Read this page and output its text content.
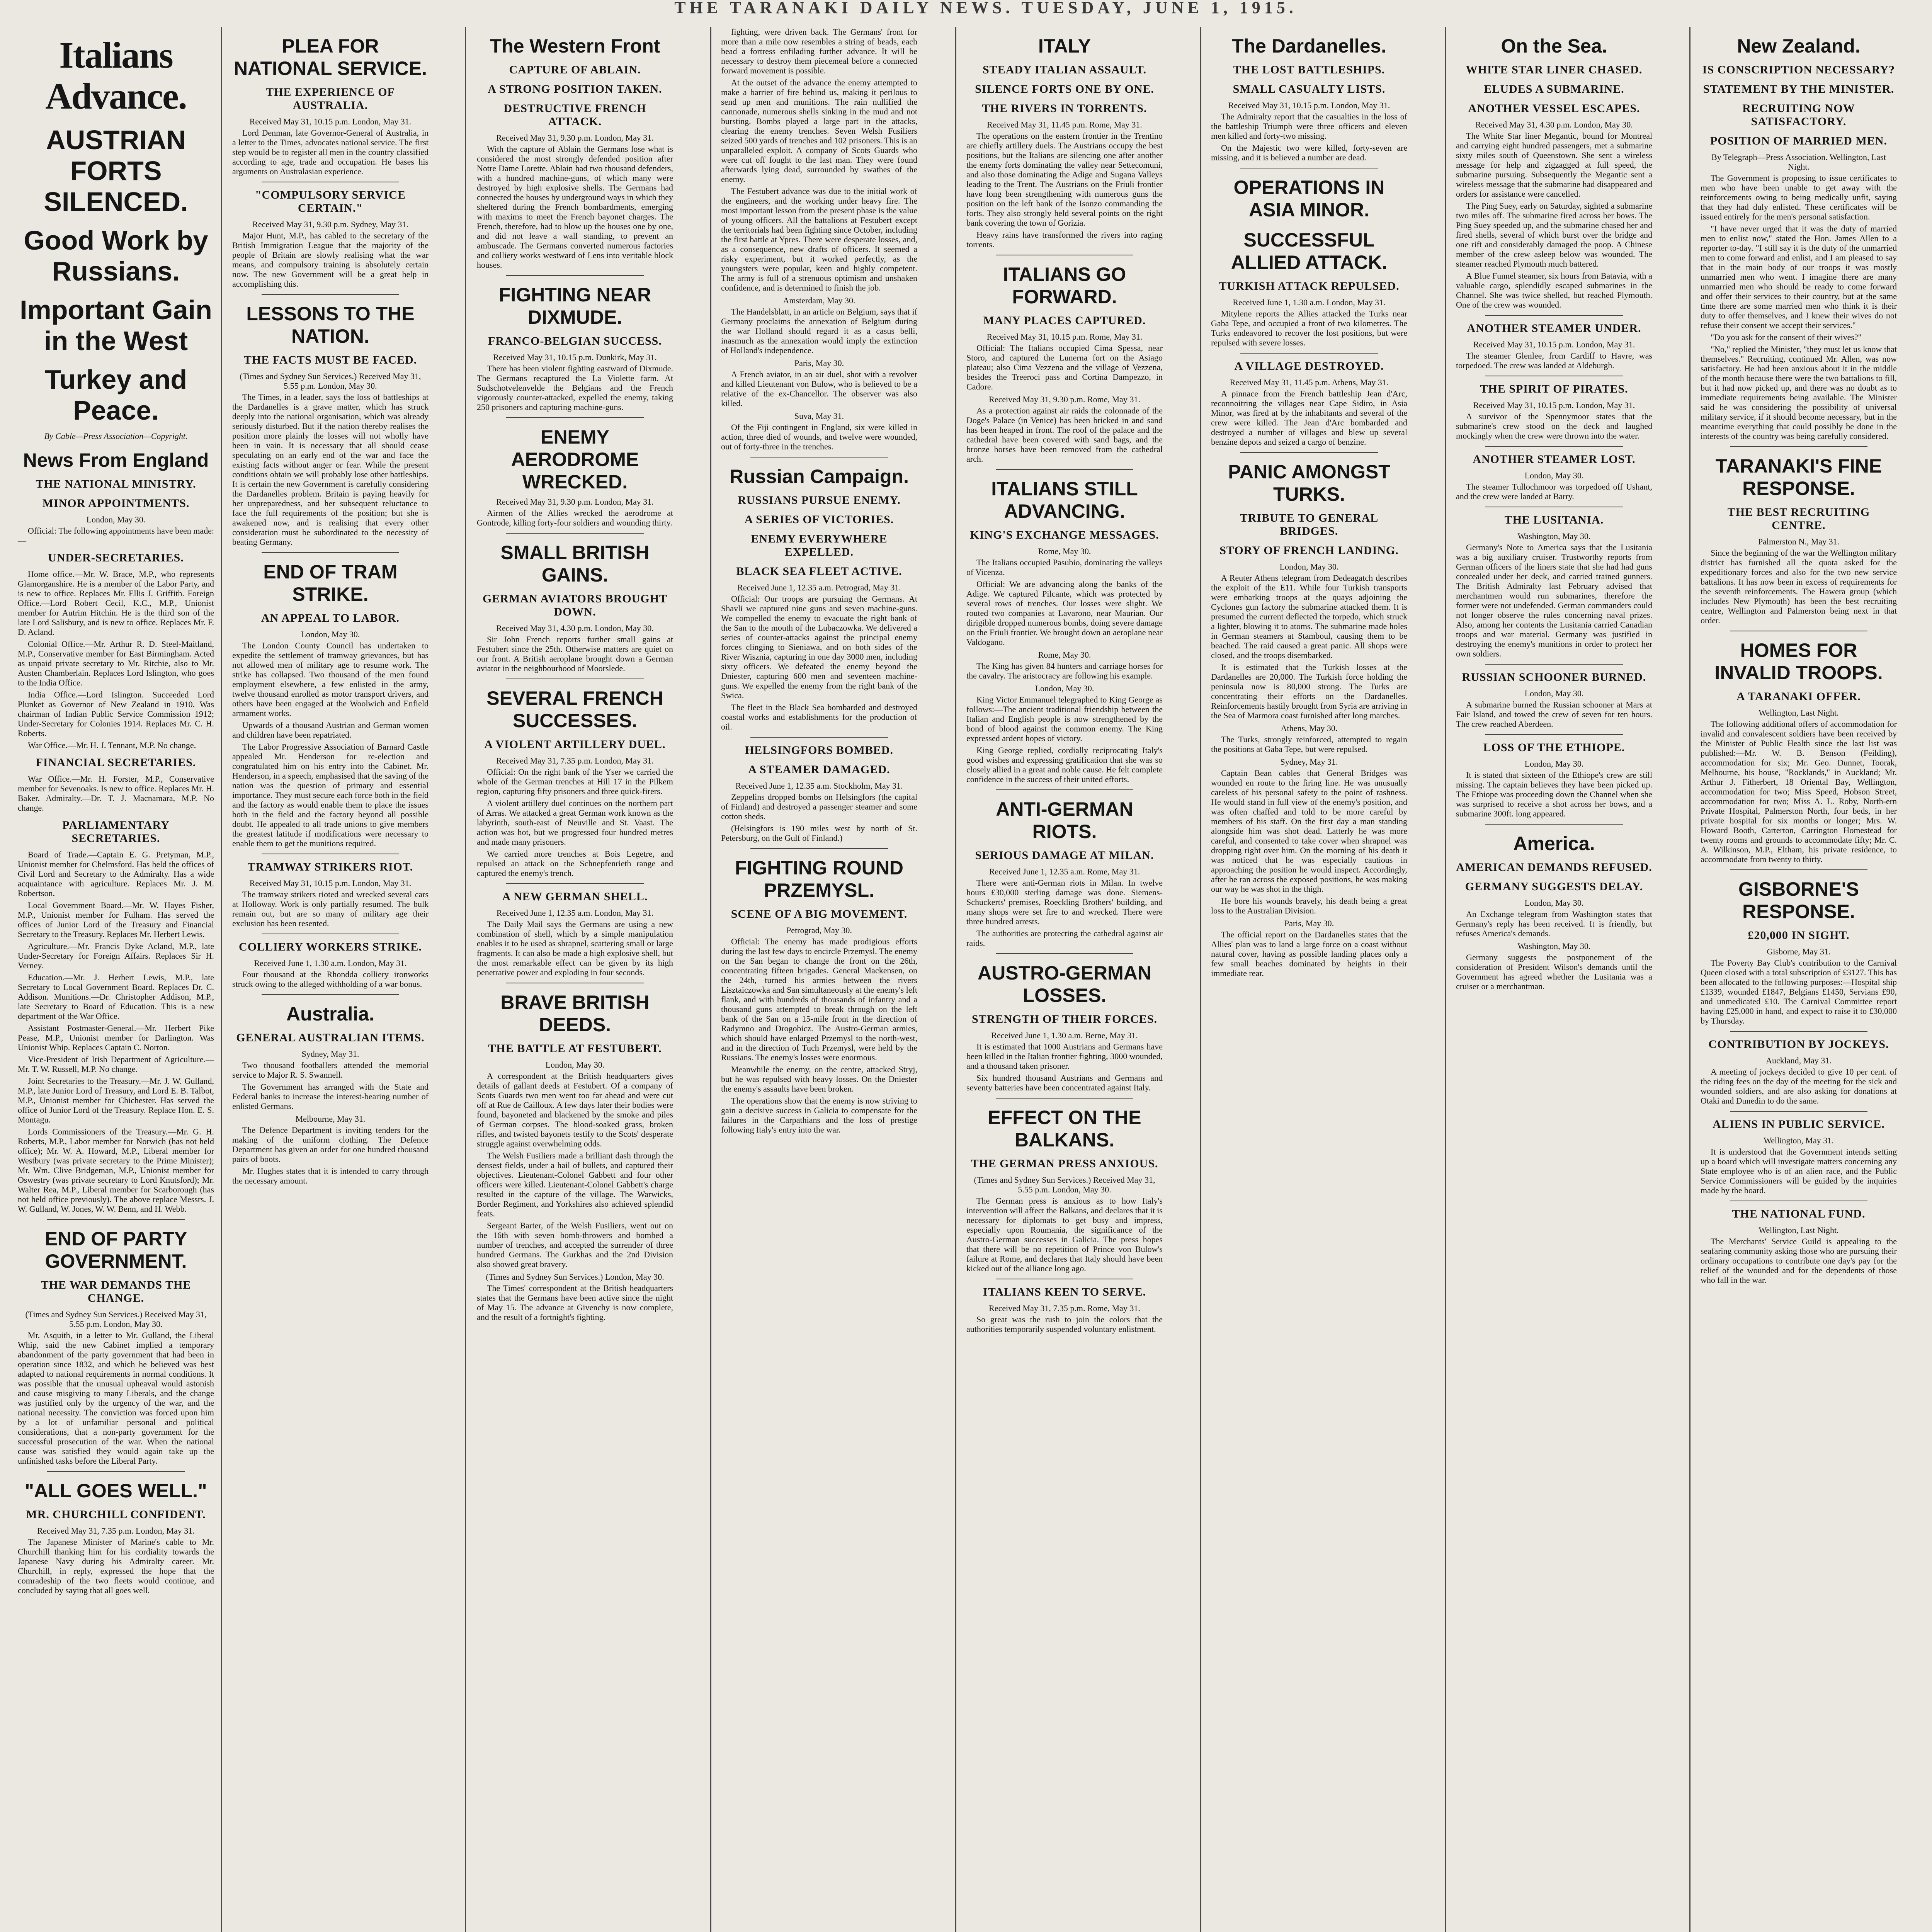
THE TARANAKI DAILY NEWS. TUESDAY, JUNE 1, 1915.
Italians Advance.
AUSTRIAN FORTS SILENCED.
Good Work by Russians.
Important Gain in the West
Turkey and Peace.
By Cable—Press Association—Copyright.
News From England
THE NATIONAL MINISTRY.
MINOR APPOINTMENTS.
London, May 30.

Official: The following appointments have been made:—

UNDER-SECRETARIES.

Home office.—Mr. W. Brace, M.P., who represents Glamorganshire. He is a member of the Labor Party, and is new to office. Replaces Mr. Ellis J. Griffith. Foreign Office.—Lord Robert Cecil, K.C., M.P., Unionist member for Autrim Hitchin. He is the third son of the late Lord Salisbury, and is new to office. Replaces Mr. F. D. Acland.

Colonial Office.—Mr. Arthur R. D. Steel-Maitland, M.P., Conservative member for East Birmingham. Acted as unpaid private secretary to Mr. Ritchie, also to Mr. Austen Chamberlain. Replaces Lord Islington, who goes to the India Office.

India Office.—Lord Islington. Succeeded Lord Plunket as Governor of New Zealand in 1910. Was chairman of Indian Public Service Commission 1912; Under-Secretary for Colonies 1914. Replaces Mr. C. H. Roberts.

War Office.—Mr. H. J. Tennant, M.P. No change.

FINANCIAL SECRETARIES.

War Office.—Mr. H. Forster, M.P., Conservative member for Sevenoaks. Is new to office. Replaces Mr. H. Baker. Admiralty.—Dr. T. J. Macnamara, M.P. No change.

PARLIAMENTARY SECRETARIES.

Board of Trade.—Captain E. G. Pretyman, M.P., Unionist member for Chelmsford. Has held the offices of Civil Lord and Secretary to the Admiralty. Has a wide acquaintance with agriculture. Replaces Mr. J. M. Robertson.

Local Government Board.—Mr. W. Hayes Fisher, M.P., Unionist member for Fulham. Has served the offices of Junior Lord of the Treasury and Financial Secretary to the Treasury. Replaces Mr. Herbert Lewis.

Agriculture.—Mr. Francis Dyke Acland, M.P., late Under-Secretary for Foreign Affairs. Replaces Sir H. Verney.

Education.—Mr. J. Herbert Lewis, M.P., late Secretary to Local Government Board. Replaces Dr. C. Addison. Munitions.—Dr. Christopher Addison, M.P., late Secretary to Board of Education. This is a new department of the War Office.

Assistant Postmaster-General.—Mr. Herbert Pike Pease, M.P., Unionist member for Darlington. Was Unionist Whip. Replaces Captain C. Norton.

Vice-President of Irish Department of Agriculture.—Mr. T. W. Russell, M.P. No change.

Joint Secretaries to the Treasury.—Mr. J. W. Gulland, M.P., late Junior Lord of Treasury, and Lord E. B. Talbot, M.P., Unionist member for Chichester. Has served the office of Junior Lord of the Treasury. Replace Hon. E. S. Montagu.

Lords Commissioners of the Treasury.—Mr. G. H. Roberts, M.P., Labor member for Norwich (has not held office); Mr. W. A. Howard, M.P., Liberal member for Westbury (was private secretary to the Prime Minister); Mr. Wm. Clive Bridgeman, M.P., Unionist member for Oswestry (was private secretary to Lord Knutsford); Mr. Walter Rea, M.P., Liberal member for Scarborough (has not held office previously). The above replace Messrs. J. W. Gulland, W. Jones, W. W. Benn, and H. Webb.

END OF PARTY GOVERNMENT.
THE WAR DEMANDS THE CHANGE.
(Times and Sydney Sun Services.) Received May 31, 5.55 p.m. London, May 30.

Mr. Asquith, in a letter to Mr. Gulland, the Liberal Whip, said the new Cabinet implied a temporary abandonment of the party government that had been in operation since 1832, and which he believed was best adapted to national requirements in normal conditions. It was possible that the unusual upheaval would astonish and cause misgiving to many Liberals, and the change was justified only by the urgency of the war, and the national necessity. The conviction was forced upon him by a lot of unfamiliar personal and political considerations, that a non-party government for the successful prosecution of the war. When the national cause was satisfied they would again take up the unfinished tasks before the Liberal Party.

"ALL GOES WELL."
MR. CHURCHILL CONFIDENT.
Received May 31, 7.35 p.m. London, May 31.

The Japanese Minister of Marine's cable to Mr. Churchill thanking him for his cordiality towards the Japanese Navy during his Admiralty career. Mr. Churchill, in reply, expressed the hope that the comradeship of the two fleets would continue, and concluded by saying that all goes well.

PLEA FOR NATIONAL SERVICE.
THE EXPERIENCE OF AUSTRALIA.
Received May 31, 10.15 p.m. London, May 31.

Lord Denman, late Governor-General of Australia, in a letter to the Times, advocates national service. The first step would be to register all men in the country classified according to age, trade and occupation. He bases his arguments on Australasian experience.

"COMPULSORY SERVICE CERTAIN."
Received May 31, 9.30 p.m. Sydney, May 31.

Major Hunt, M.P., has cabled to the secretary of the British Immigration League that the majority of the people of Britain are slowly realising what the war means, and compulsory training is absolutely certain now. The new Government will be a great help in accomplishing this.

LESSONS TO THE NATION.
THE FACTS MUST BE FACED.
(Times and Sydney Sun Services.) Received May 31, 5.55 p.m. London, May 30.

The Times, in a leader, says the loss of battleships at the Dardanelles is a grave matter, which has struck deeply into the national organisation, which was already seriously disturbed. But if the nation thereby realises the position more plainly the losses will not wholly have been in vain. It is necessary that all should cease speculating on an early end of the war and face the existing facts without anger or fear. While the present conditions obtain we will probably lose other battleships. It is certain the new Government is carefully considering the Dardanelles problem. Britain is paying heavily for her unpreparedness, and her subsequent reluctance to face the full requirements of the position; but she is awakened now, and is realising that every other consideration must be subordinated to the necessity of beating Germany.

END OF TRAM STRIKE.
AN APPEAL TO LABOR.
London, May 30.

The London County Council has undertaken to expedite the settlement of tramway grievances, but has not allowed men of military age to resume work. The strike has collapsed. Two thousand of the men found employment elsewhere, a few enlisted in the army, twelve thousand enrolled as motor transport drivers, and others have been engaged at the Woolwich and Enfield armament works.

Upwards of a thousand Austrian and German women and children have been repatriated.

The Labor Progressive Association of Barnard Castle appealed Mr. Henderson for re-election and congratulated him on his entry into the Cabinet. Mr. Henderson, in a speech, emphasised that the saving of the nation was the question of primary and essential importance. They must secure each force both in the field and the factory as would enable them to place the issues both in the field and the factory beyond all possible doubt. He appealed to all trade unions to give members the greatest latitude if modifications were necessary to enable them to get the munitions required.

TRAMWAY STRIKERS RIOT.
Received May 31, 10.15 p.m. London, May 31.

The tramway strikers rioted and wrecked several cars at Holloway. Work is only partially resumed. The bulk remain out, but are so many of military age their exclusion has been resented.

COLLIERY WORKERS STRIKE.
Received June 1, 1.30 a.m. London, May 31.

Four thousand at the Rhondda colliery ironworks struck owing to the alleged withholding of a war bonus.

Australia.
GENERAL AUSTRALIAN ITEMS.
Sydney, May 31.

Two thousand footballers attended the memorial service to Major R. S. Swannell.

The Government has arranged with the State and Federal banks to increase the interest-bearing number of enlisted Germans.

Melbourne, May 31.

The Defence Department is inviting tenders for the making of the uniform clothing. The Defence Department has given an order for one hundred thousand pairs of boots.

Mr. Hughes states that it is intended to carry through the necessary amount.

The Western Front
CAPTURE OF ABLAIN.
A STRONG POSITION TAKEN.
DESTRUCTIVE FRENCH ATTACK.
Received May 31, 9.30 p.m. London, May 31.

With the capture of Ablain the Germans lose what is considered the most strongly defended position after Notre Dame Lorette. Ablain had two thousand defenders, with a hundred machine-guns, of which many were destroyed by high explosive shells. The Germans had connected the houses by underground ways in which they sheltered during the French bombardments, emerging with maxims to meet the French bayonet charges. The French, therefore, had to blow up the houses one by one, and did not leave a wall standing, to prevent an ambuscade. The Germans converted numerous factories and colliery works westward of Lens into veritable block houses.

FIGHTING NEAR DIXMUDE.
FRANCO-BELGIAN SUCCESS.
Received May 31, 10.15 p.m. Dunkirk, May 31.

There has been violent fighting eastward of Dixmude. The Germans recaptured the La Violette farm. At Sudschotvelenvelde the Belgians and the French vigorously counter-attacked, expelled the enemy, taking 250 prisoners and capturing machine-guns.

ENEMY AERODROME WRECKED.
Received May 31, 9.30 p.m. London, May 31.

Airmen of the Allies wrecked the aerodrome at Gontrode, killing forty-four soldiers and wounding thirty.

SMALL BRITISH GAINS.
GERMAN AVIATORS BROUGHT DOWN.
Received May 31, 4.30 p.m. London, May 30.

Sir John French reports further small gains at Festubert since the 25th. Otherwise matters are quiet on our front. A British aeroplane brought down a German aviator in the neighbourhood of Moorslede.

SEVERAL FRENCH SUCCESSES.
A VIOLENT ARTILLERY DUEL.
Received May 31, 7.35 p.m. London, May 31.

Official: On the right bank of the Yser we carried the whole of the German trenches at Hill 17 in the Pilkem region, capturing fifty prisoners and three quick-firers.

A violent artillery duel continues on the northern part of Arras. We attacked a great German work known as the labyrinth, south-east of Neuville and St. Vaast. The action was hot, but we progressed four hundred metres and made many prisoners.

We carried more trenches at Bois Legetre, and repulsed an attack on the Schnepfenrieth range and captured the enemy's trench.

A NEW GERMAN SHELL.
Received June 1, 12.35 a.m. London, May 31.

The Daily Mail says the Germans are using a new combination of shell, which by a simple manipulation enables it to be used as shrapnel, scattering small or large fragments. It can also be made a high explosive shell, but the most remarkable effect can be given by its high penetrative power and exploding in four seconds.

BRAVE BRITISH DEEDS.
THE BATTLE AT FESTUBERT.
London, May 30.

A correspondent at the British headquarters gives details of gallant deeds at Festubert. Of a company of Scots Guards two men went too far ahead and were cut off at Rue de Cailloux. A few days later their bodies were found, bayoneted and blackened by the smoke and piles of German corpses. The blood-soaked grass, broken rifles, and twisted bayonets testify to the Scots' desperate struggle against overwhelming odds.

The Welsh Fusiliers made a brilliant dash through the densest fields, under a hail of bullets, and captured their objectives. Lieutenant-Colonel Gabbett and four other officers were killed. Lieutenant-Colonel Gabbett's charge resulted in the capture of the village. The Warwicks, Border Regiment, and Yorkshires also achieved splendid feats.

Sergeant Barter, of the Welsh Fusiliers, went out on the 16th with seven bomb-throwers and bombed a number of trenches, and accepted the surrender of three hundred Germans. The Gurkhas and the 2nd Division also showed great bravery.

(Times and Sydney Sun Services.) London, May 30.

The Times' correspondent at the British headquarters states that the Germans have been active since the night of May 15. The advance at Givenchy is now complete, and the result of a fortnight's fighting.

fighting, were driven back. The Germans' front for more than a mile now resembles a string of beads, each bead a fortress enfilading further advance. It will be necessary to destroy them piecemeal before a connected forward movement is possible.

At the outset of the advance the enemy attempted to make a barrier of fire behind us, making it perilous to send up men and munitions. The rain nullified the cannonade, numerous shells sinking in the mud and not bursting. Bombs played a large part in the attacks, clearing the enemy trenches. Seven Welsh Fusiliers seized 500 yards of trenches and 102 prisoners. This is an unparalleled exploit. A company of Scots Guards who were cut off fought to the last man. They were found afterwards lying dead, surrounded by swathes of the enemy.

The Festubert advance was due to the initial work of the engineers, and the working under heavy fire. The most important lesson from the present phase is the value of young officers. All the battalions at Festubert except the territorials had been fighting since October, including the first battle at Ypres. There were desperate losses, and, as a consequence, new drafts of officers. It seemed a risky experiment, but it worked perfectly, as the youngsters were popular, keen and highly competent. The army is full of a strenuous optimism and unshaken confidence, and is determined to finish the job.

Amsterdam, May 30.

The Handelsblatt, in an article on Belgium, says that if Germany proclaims the annexation of Belgium during the war Holland should regard it as a casus belli, inasmuch as the annexation would imply the extinction of Holland's independence.

Paris, May 30.

A French aviator, in an air duel, shot with a revolver and killed Lieutenant von Bulow, who is believed to be a relative of the ex-Chancellor. The observer was also killed.

Suva, May 31.

Of the Fiji contingent in England, six were killed in action, three died of wounds, and twelve were wounded, out of forty-three in the trenches.

Russian Campaign.
RUSSIANS PURSUE ENEMY.
A SERIES OF VICTORIES.
ENEMY EVERYWHERE EXPELLED.
BLACK SEA FLEET ACTIVE.
Received June 1, 12.35 a.m. Petrograd, May 31.

Official: Our troops are pursuing the Germans. At Shavli we captured nine guns and seven machine-guns. We compelled the enemy to evacuate the right bank of the San to the mouth of the Lubaczowka. We delivered a series of counter-attacks against the principal enemy forces clinging to Sieniawa, and on both sides of the River Wisznia, capturing in one day 3000 men, including sixty officers. We defeated the enemy beyond the Dniester, capturing 600 men and seventeen machine-guns. We expelled the enemy from the right bank of the Swica.

The fleet in the Black Sea bombarded and destroyed coastal works and establishments for the production of oil.

HELSINGFORS BOMBED.
A STEAMER DAMAGED.
Received June 1, 12.35 a.m. Stockholm, May 31.

Zeppelins dropped bombs on Helsingfors (the capital of Finland) and destroyed a passenger steamer and some cotton sheds.

(Helsingfors is 190 miles west by north of St. Petersburg, on the Gulf of Finland.)

FIGHTING ROUND PRZEMYSL.
SCENE OF A BIG MOVEMENT.
Petrograd, May 30.

Official: The enemy has made prodigious efforts during the last few days to encircle Przemysl. The enemy on the San began to change the front on the 26th, concentrating fifteen brigades. General Mackensen, on the 24th, turned his armies between the rivers Lisztaiczowka and San simultaneously at the enemy's left flank, and with hundreds of thousands of infantry and a thousand guns attempted to break through on the left bank of the San on a 15-mile front in the direction of Radymno and Drogobicz. The Austro-German armies, which should have enlarged Przemysl to the north-west, and in the direction of Tuch Przemysl, were held by the Russians. The enemy's losses were enormous.

Meanwhile the enemy, on the centre, attacked Stryj, but he was repulsed with heavy losses. On the Dniester the enemy's assaults have been broken.

The operations show that the enemy is now striving to gain a decisive success in Galicia to compensate for the failures in the Carpathians and the loss of prestige following Italy's entry into the war.

ITALY
STEADY ITALIAN ASSAULT.
SILENCE FORTS ONE BY ONE.
THE RIVERS IN TORRENTS.
Received May 31, 11.45 p.m. Rome, May 31.

The operations on the eastern frontier in the Trentino are chiefly artillery duels. The Austrians occupy the best positions, but the Italians are silencing one after another the enemy forts dominating the valley near Settecomuni, and also those dominating the Adige and Sugana Valleys leading to the Trent. The Austrians on the Friuli frontier have long been strengthening with numerous guns the position on the left bank of the Isonzo commanding the forts. They also strongly held several points on the right bank covering the town of Gorizia.

Heavy rains have transformed the rivers into raging torrents.

ITALIANS GO FORWARD.
MANY PLACES CAPTURED.
Received May 31, 10.15 p.m. Rome, May 31.

Official: The Italians occupied Cima Spessa, near Storo, and captured the Lunerna fort on the Asiago plateau; also Cima Vezzena and the village of Vezzena, besides the Treeroci pass and Cortina Dampezzo, in Cadore.

Received May 31, 9.30 p.m. Rome, May 31.

As a protection against air raids the colonnade of the Doge's Palace (in Venice) has been bricked in and sand has been heaped in front. The roof of the palace and the cathedral have been covered with sand bags, and the bronze horses have been removed from the cathedral arch.

ITALIANS STILL ADVANCING.
KING'S EXCHANGE MESSAGES.
Rome, May 30.

The Italians occupied Pasubio, dominating the valleys of Vicenza.

Official: We are advancing along the banks of the Adige. We captured Pilcante, which was protected by several rows of trenches. Our losses were slight. We routed two companies at Lavarono, near Maurian. Our dirigible dropped numerous bombs, doing severe damage on the Friuli frontier. We brought down an aeroplane near Valdogano.

Rome, May 30.

The King has given 84 hunters and carriage horses for the cavalry. The aristocracy are following his example.

London, May 30.

King Victor Emmanuel telegraphed to King George as follows:—The ancient traditional friendship between the Italian and English people is now strengthened by the bond of blood against the common enemy. The King expressed ardent hopes of victory.

King George replied, cordially reciprocating Italy's good wishes and expressing gratification that she was so closely allied in a great and noble cause. He felt complete confidence in the success of their united efforts.

ANTI-GERMAN RIOTS.
SERIOUS DAMAGE AT MILAN.
Received June 1, 12.35 a.m. Rome, May 31.

There were anti-German riots in Milan. In twelve hours £30,000 sterling damage was done. Siemens-Schuckerts' premises, Roeckling Brothers' building, and many shops were set fire to and wrecked. There were three hundred arrests.

The authorities are protecting the cathedral against air raids.

AUSTRO-GERMAN LOSSES.
STRENGTH OF THEIR FORCES.
Received June 1, 1.30 a.m. Berne, May 31.

It is estimated that 1000 Austrians and Germans have been killed in the Italian frontier fighting, 3000 wounded, and a thousand taken prisoner.

Six hundred thousand Austrians and Germans and seventy batteries have been concentrated against Italy.

EFFECT ON THE BALKANS.
THE GERMAN PRESS ANXIOUS.
(Times and Sydney Sun Services.) Received May 31, 5.55 p.m. London, May 30.

The German press is anxious as to how Italy's intervention will affect the Balkans, and declares that it is necessary for diplomats to get busy and impress, especially upon Roumania, the significance of the Austro-German successes in Galicia. The press hopes that there will be no repetition of Prince von Bulow's failure at Rome, and declares that Italy should have been kicked out of the alliance long ago.

ITALIANS KEEN TO SERVE.
Received May 31, 7.35 p.m. Rome, May 31.

So great was the rush to join the colors that the authorities temporarily suspended voluntary enlistment.

The Dardanelles.
THE LOST BATTLESHIPS.
SMALL CASUALTY LISTS.
Received May 31, 10.15 p.m. London, May 31.

The Admiralty report that the casualties in the loss of the battleship Triumph were three officers and eleven men killed and forty-two missing.

On the Majestic two were killed, forty-seven are missing, and it is believed a number are dead.

OPERATIONS IN ASIA MINOR.
SUCCESSFUL ALLIED ATTACK.
TURKISH ATTACK REPULSED.
Received June 1, 1.30 a.m. London, May 31.

Mitylene reports the Allies attacked the Turks near Gaba Tepe, and occupied a front of two kilometres. The Turks endeavored to recover the lost positions, but were repulsed with severe losses.

A VILLAGE DESTROYED.
Received May 31, 11.45 p.m. Athens, May 31.

A pinnace from the French battleship Jean d'Arc, reconnoitring the villages near Cape Sidiro, in Asia Minor, was fired at by the inhabitants and several of the crew were killed. The Jean d'Arc bombarded and destroyed a number of villages and blew up several benzine depots and seized a cargo of benzine.

PANIC AMONGST TURKS.
TRIBUTE TO GENERAL BRIDGES.
STORY OF FRENCH LANDING.
London, May 30.

A Reuter Athens telegram from Dedeagatch describes the exploit of the E11. While four Turkish transports were embarking troops at the quays adjoining the Cyclones gun factory the submarine attacked them. It is presumed the current deflected the torpedo, which struck a lighter, blowing it to atoms. The submarine made holes in German steamers at Stamboul, causing them to be beached. The raid caused a great panic. All shops were closed, and the troops disembarked.

It is estimated that the Turkish losses at the Dardanelles are 20,000. The Turkish force holding the peninsula now is 80,000 strong. The Turks are concentrating their efforts on the Dardanelles. Reinforcements hastily brought from Syria are arriving in the Sea of Marmora coast furnished after long marches.

Athens, May 30.

The Turks, strongly reinforced, attempted to regain the positions at Gaba Tepe, but were repulsed.

Sydney, May 31.

Captain Bean cables that General Bridges was wounded en route to the firing line. He was unusually careless of his personal safety to the point of rashness. He would stand in full view of the enemy's position, and was often chaffed and told to be more careful by members of his staff. On the first day a man standing alongside him was shot dead. Latterly he was more careful, and consented to take cover when shrapnel was dropping right over him. On the morning of his death it was noticed that he was especially cautious in approaching the position he would inspect. Accordingly, after he ran across the exposed positions, he was making our way he was shot in the thigh.

He bore his wounds bravely, his death being a great loss to the Australian Division.

Paris, May 30.

The official report on the Dardanelles states that the Allies' plan was to land a large force on a coast without natural cover, having as possible landing places only a few small beaches dominated by heights in their immediate rear.

On the Sea.
WHITE STAR LINER CHASED.
ELUDES A SUBMARINE.
ANOTHER VESSEL ESCAPES.
Received May 31, 4.30 p.m. London, May 30.

The White Star liner Megantic, bound for Montreal and carrying eight hundred passengers, met a submarine sixty miles south of Queenstown. She sent a wireless message for help and zigzagged at full speed, the submarine pursuing. Subsequently the Megantic sent a wireless message that the submarine had disappeared and orders for assistance were cancelled.

The Ping Suey, early on Saturday, sighted a submarine two miles off. The submarine fired across her bows. The Ping Suey speeded up, and the submarine chased her and fired shells, several of which burst over the bridge and one rift and considerably damaged the poop. A Chinese member of the crew asleep below was wounded. The steamer reached Plymouth much battered.

A Blue Funnel steamer, six hours from Batavia, with a valuable cargo, splendidly escaped submarines in the Channel. She was twice shelled, but reached Plymouth. One of the crew was wounded.

ANOTHER STEAMER UNDER.
Received May 31, 10.15 p.m. London, May 31.

The steamer Glenlee, from Cardiff to Havre, was torpedoed. The crew was landed at Aldeburgh.

THE SPIRIT OF PIRATES.
Received May 31, 10.15 p.m. London, May 31.

A survivor of the Spennymoor states that the submarine's crew stood on the deck and laughed mockingly when the crew were thrown into the water.

ANOTHER STEAMER LOST.
London, May 30.

The steamer Tullochmoor was torpedoed off Ushant, and the crew were landed at Barry.

THE LUSITANIA.
Washington, May 30.

Germany's Note to America says that the Lusitania was a big auxiliary cruiser. Trustworthy reports from German officers of the liners state that she had had guns concealed under her deck, and carried trained gunners. The British Admiralty last February advised that merchantmen would run submarines, therefore the former were not undefended. German commanders could not longer observe the rules concerning naval prizes. Also, among her contents the Lusitania carried Canadian troops and war material. Germany was justified in destroying the enemy's munitions in order to protect her own soldiers.

RUSSIAN SCHOONER BURNED.
London, May 30.

A submarine burned the Russian schooner at Mars at Fair Island, and towed the crew of seven for ten hours. The crew reached Aberdeen.

LOSS OF THE ETHIOPE.
London, May 30.

It is stated that sixteen of the Ethiope's crew are still missing. The captain believes they have been picked up. The Ethiope was proceeding down the Channel when she was surprised to receive a shot across her bows, and a submarine 300ft. long appeared.

America.
AMERICAN DEMANDS REFUSED.
GERMANY SUGGESTS DELAY.
London, May 30.

An Exchange telegram from Washington states that Germany's reply has been received. It is friendly, but refuses America's demands.

Washington, May 30.

Germany suggests the postponement of the consideration of President Wilson's demands until the Government has agreed whether the Lusitania was a cruiser or a merchantman.

New Zealand.
IS CONSCRIPTION NECESSARY?
STATEMENT BY THE MINISTER.
RECRUITING NOW SATISFACTORY.
POSITION OF MARRIED MEN.
By Telegraph—Press Association. Wellington, Last Night.

The Government is proposing to issue certificates to men who have been unable to get away with the reinforcements owing to being medically unfit, saying that they had duly enlisted. These certificates will be issued entirely for the men's personal satisfaction.

"I have never urged that it was the duty of married men to enlist now," stated the Hon. James Allen to a reporter to-day. "I still say it is the duty of the unmarried men to come forward and enlist, and I am pleased to say that in the main body of our troops it was mostly unmarried men who went. I imagine there are many unmarried men who should be ready to come forward and offer their services to their country, but at the same time there are some married men who think it is their duty to offer themselves, and I knew their wives do not refuse their consent we accept their services."

"Do you ask for the consent of their wives?"

"No," replied the Minister, "they must let us know that themselves." Recruiting, continued Mr. Allen, was now satisfactory. He had been anxious about it in the middle of the month because there were the two battalions to fill, but it had now picked up, and there was no doubt as to immediate requirements being available. The Minister said he was considering the possibility of universal military service, if it should become necessary, but in the meantime everything that could possibly be done in the interests of the country was being carefully considered.

TARANAKI'S FINE RESPONSE.
THE BEST RECRUITING CENTRE.
Palmerston N., May 31.

Since the beginning of the war the Wellington military district has furnished all the quota asked for the expeditionary forces and also for the two new service battalions. It has now been in excess of requirements for the seventh reinforcements. The Hawera group (which includes New Plymouth) has been the best recruiting centre, Wellington and Palmerston being next in that order.

HOMES FOR INVALID TROOPS.
A TARANAKI OFFER.
Wellington, Last Night.

The following additional offers of accommodation for invalid and convalescent soldiers have been received by the Minister of Public Health since the last list was published:—Mr. W. B. Benson (Feilding), accommodation for six; Mr. Geo. Dunnet, Toorak, Melbourne, his house, "Rocklands," in Auckland; Mr. Arthur J. Fitherbert, 18 Oriental Bay, Wellington, accommodation for two; Miss Speed, Hobson Street, accommodation for two; Miss A. L. Roby, North-ern Private Hospital, Palmerston North, four beds, in her private hospital for six months or longer; Mrs. W. Howard Booth, Carterton, Carrington Homestead for twenty rooms and grounds to accommodate fifty; Mr. C. A. Wilkinson, M.P., Eltham, his private residence, to accommodate from twenty to thirty.

GISBORNE'S RESPONSE.
£20,000 IN SIGHT.
Gisborne, May 31.

The Poverty Bay Club's contribution to the Carnival Queen closed with a total subscription of £3127. This has been allocated to the following purposes:—Hospital ship £1339, wounded £1847, Belgians £1450, Servians £90, and unmedicated £10. The Carnival Committee report having £25,000 in hand, and expect to raise it to £30,000 by Thursday.

CONTRIBUTION BY JOCKEYS.
Auckland, May 31.

A meeting of jockeys decided to give 10 per cent. of the riding fees on the day of the meeting for the sick and wounded soldiers, and are also asking for donations at Otaki and Dunedin to do the same.

ALIENS IN PUBLIC SERVICE.
Wellington, May 31.

It is understood that the Government intends setting up a board which will investigate matters concerning any State employee who is of an alien race, and the Public Service Commissioners will be guided by the inquiries made by the board.

THE NATIONAL FUND.
Wellington, Last Night.

The Merchants' Service Guild is appealing to the seafaring community asking those who are pursuing their ordinary occupations to contribute one day's pay for the relief of the wounded and for the dependents of those who fall in the war.
